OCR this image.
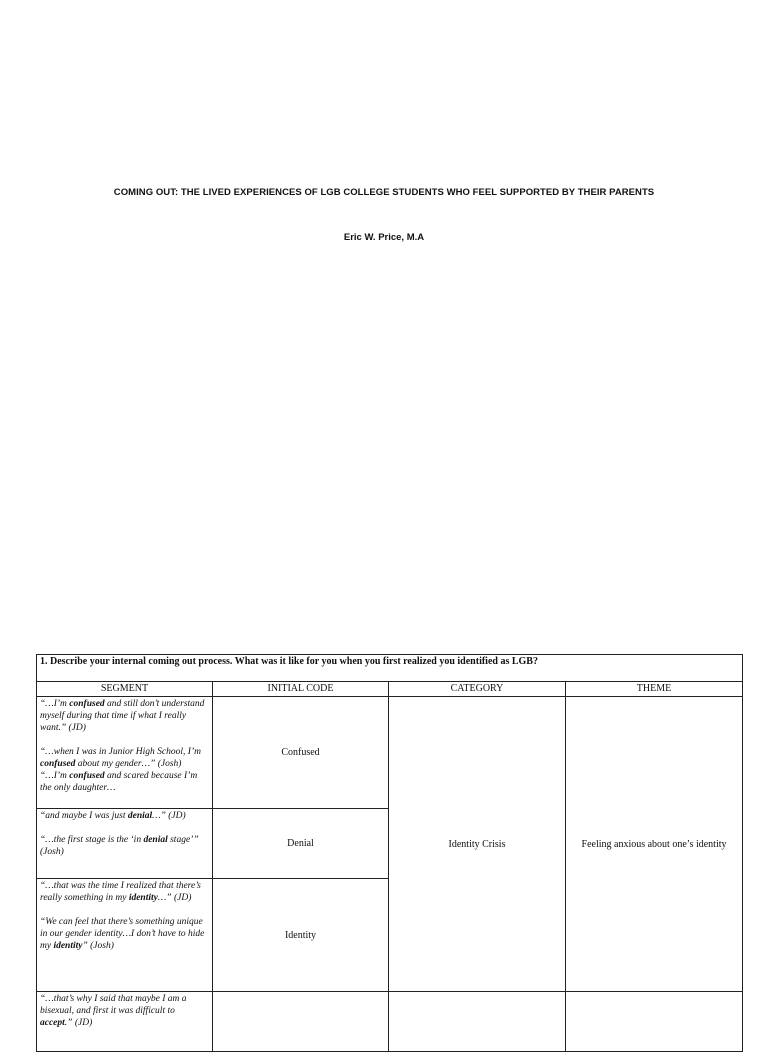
COMING OUT: THE LIVED EXPERIENCES OF LGB COLLEGE STUDENTS WHO FEEL SUPPORTED BY THEIR PARENTS
Eric W. Price, M.A
1. Describe your internal coming out process. What was it like for you when you first realized you identified as LGB?			
SEGMENT	INITIAL CODE	CATEGORY	THEME

“…I’m confused and still don’t understand myself during that time if what I really want.” (JD)

“…when I was in Junior High School, I’m confused about my gender…” (Josh)

“…I’m confused and scared because I’m the only daughter…	Confused	Identity Crisis	Feeling anxious about one’s identity

“and maybe I was just denial…” (JD)

“…the first stage is the ‘in denial stage’” (Josh)	Denial		

“…that was the time I realized that there’s really something in my identity…” (JD)

“We can feel that there’s something unique in our gender identity…I don’t have to hide my identity” (Josh)	Identity		

“…that’s why I said that maybe I am a bisexual, and first it was difficult to accept.” (JD)			
